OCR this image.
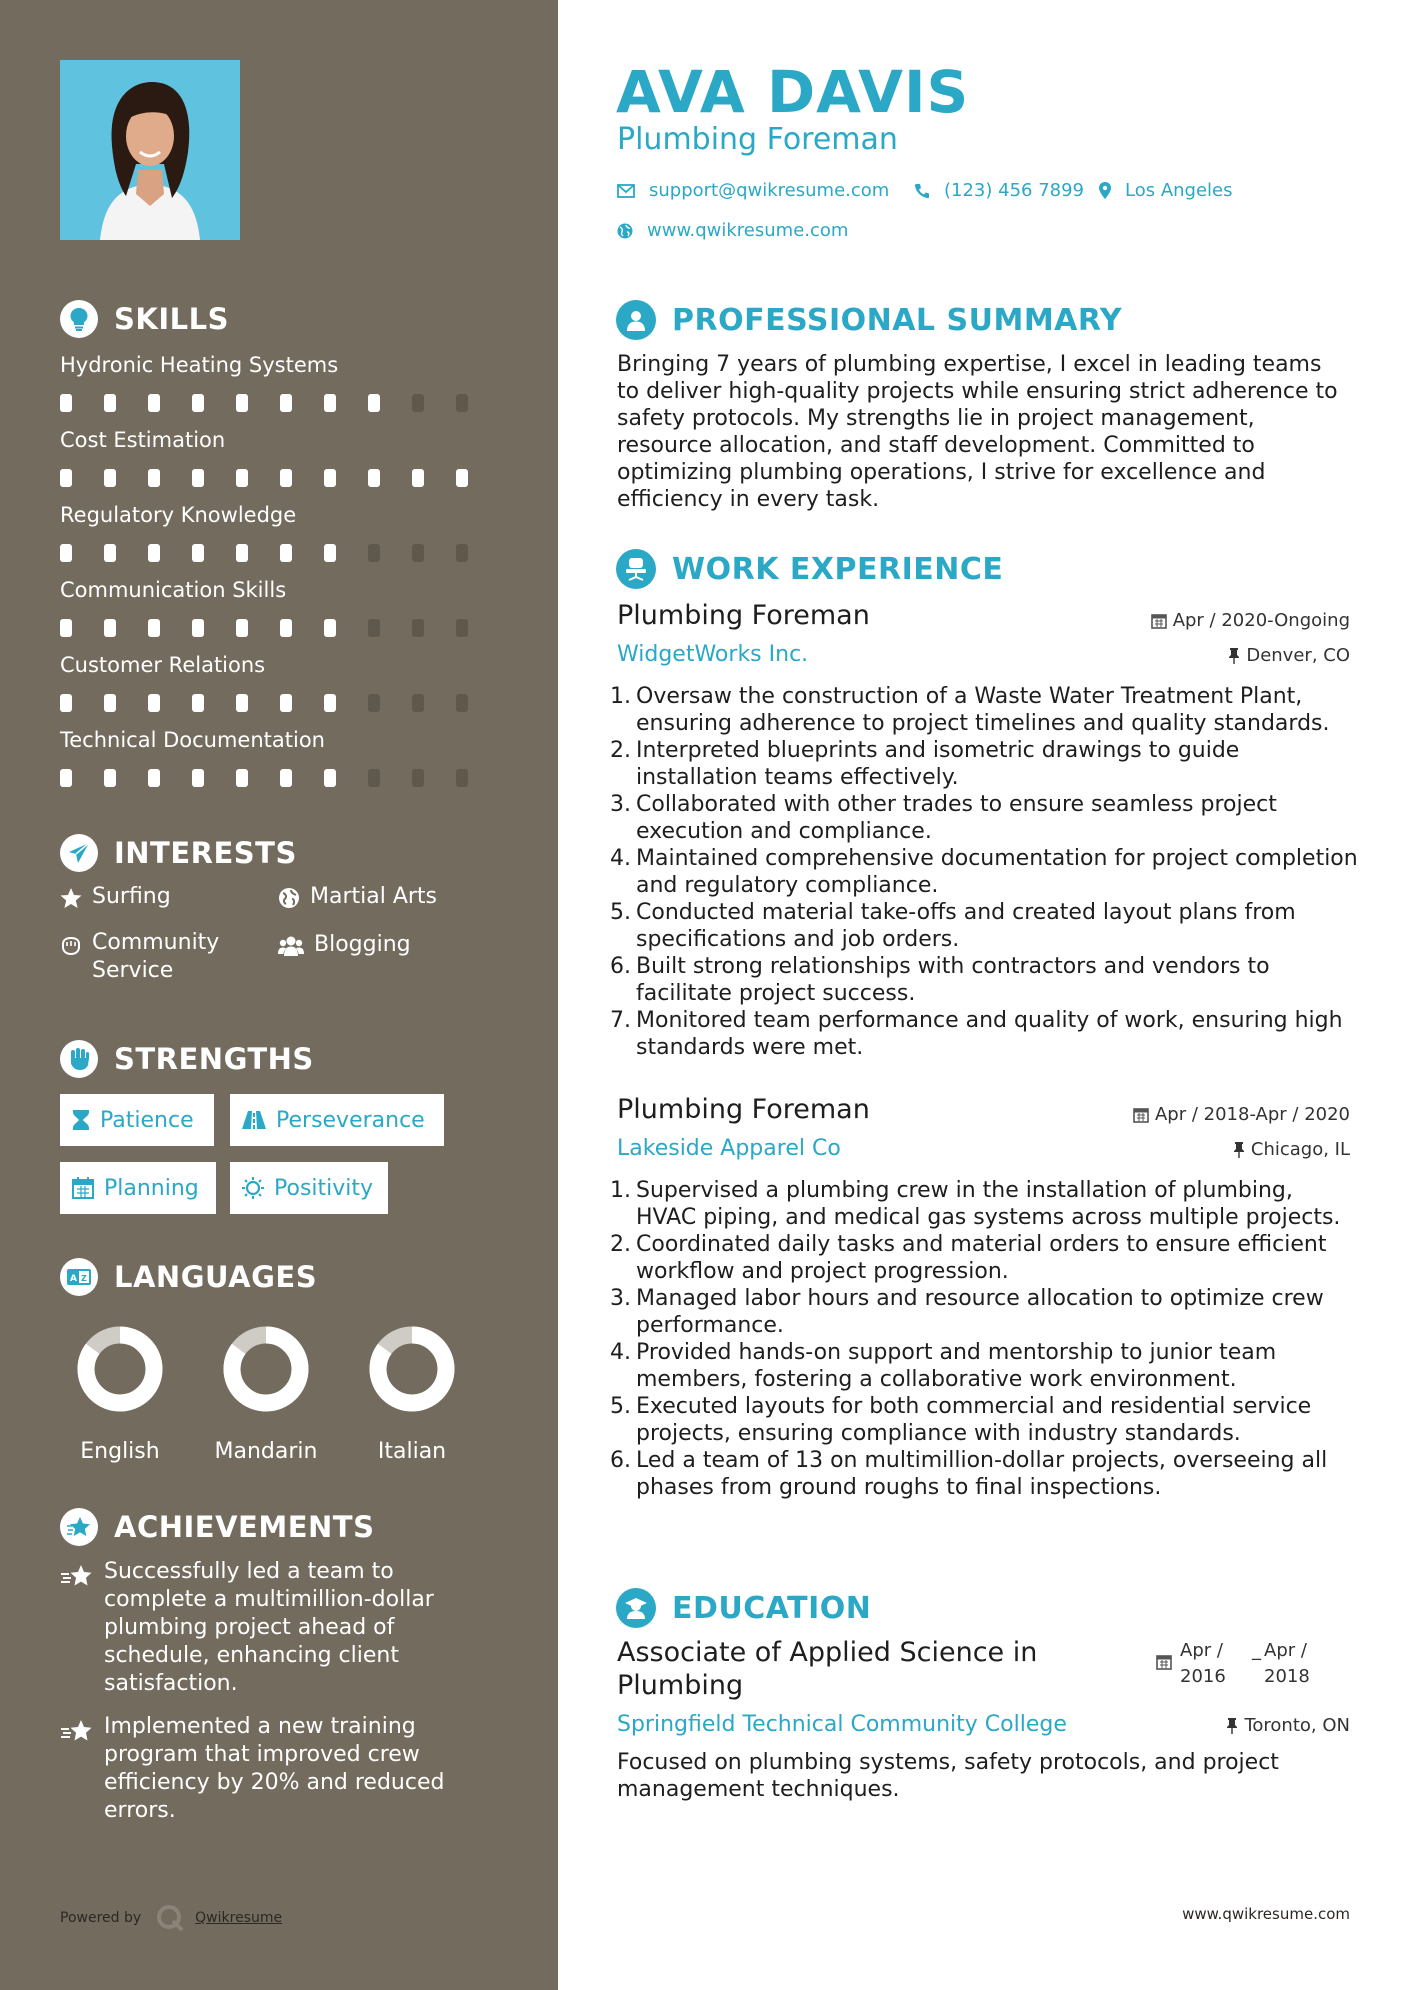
SKILLS
Hydronic Heating Systems
Cost Estimation
Regulatory Knowledge
Communication Skills
Customer Relations
Technical Documentation
INTERESTS
Surfing	Martial Arts
Community Service
Blogging
STRENGTHS
Patience	Perseverance
Planning	Positivity
A Z LANGUAGES
English	Mandarin	Italian
ACHIEVEMENTS
Successfully led a team to complete a multimillion-dollar plumbing project ahead of schedule, enhancing client satisfaction.
Implemented a new training program that improved crew efficiency by 20% and reduced errors.
Powered by	Qwikresume
AVA DAVIS
Plumbing Foreman
support@qwikresume.com	(123) 456 7899 Los Angeles
www.qwikresume.com
PROFESSIONAL SUMMARY
Bringing 7 years of plumbing expertise, I excel in leading teams to deliver high-quality projects while ensuring strict adherence to safety protocols. My strengths lie in project management, resource allocation, and staff development. Committed to optimizing plumbing operations, I strive for excellence and efficiency in every task.
WORK EXPERIENCE
Plumbing Foreman	Apr / 2020-Ongoing
WidgetWorks Inc.	Denver, CO
1. Oversaw the construction of a Waste Water Treatment Plant, ensuring adherence to project timelines and quality standards.
2. Interpreted blueprints and isometric drawings to guide installation teams effectively.
3. Collaborated with other trades to ensure seamless project execution and compliance.
4. Maintained comprehensive documentation for project completion and regulatory compliance.
5. Conducted material take-offs and created layout plans from specifications and job orders.
6. Built strong relationships with contractors and vendors to facilitate project success.
7. Monitored team performance and quality of work, ensuring high standards were met.
Plumbing Foreman	Apr / 2018-Apr / 2020
Lakeside Apparel Co	Chicago, IL
1. Supervised a plumbing crew in the installation of plumbing, HVAC piping, and medical gas systems across multiple projects.
2. Coordinated daily tasks and material orders to ensure efficient workflow and project progression.
3. Managed labor hours and resource allocation to optimize crew performance.
4. Provided hands-on support and mentorship to junior team members, fostering a collaborative work environment.
5. Executed layouts for both commercial and residential service projects, ensuring compliance with industry standards.
6. Led a team of 13 on multimillion-dollar projects, overseeing all phases from ground roughs to final inspections.
EDUCATION
Associate of Applied Science in Plumbing
Apr / 2016
_ Apr / 2018
Springfield Technical Community College	Toronto, ON
Focused on plumbing systems, safety protocols, and project management techniques.
www.qwikresume.com
